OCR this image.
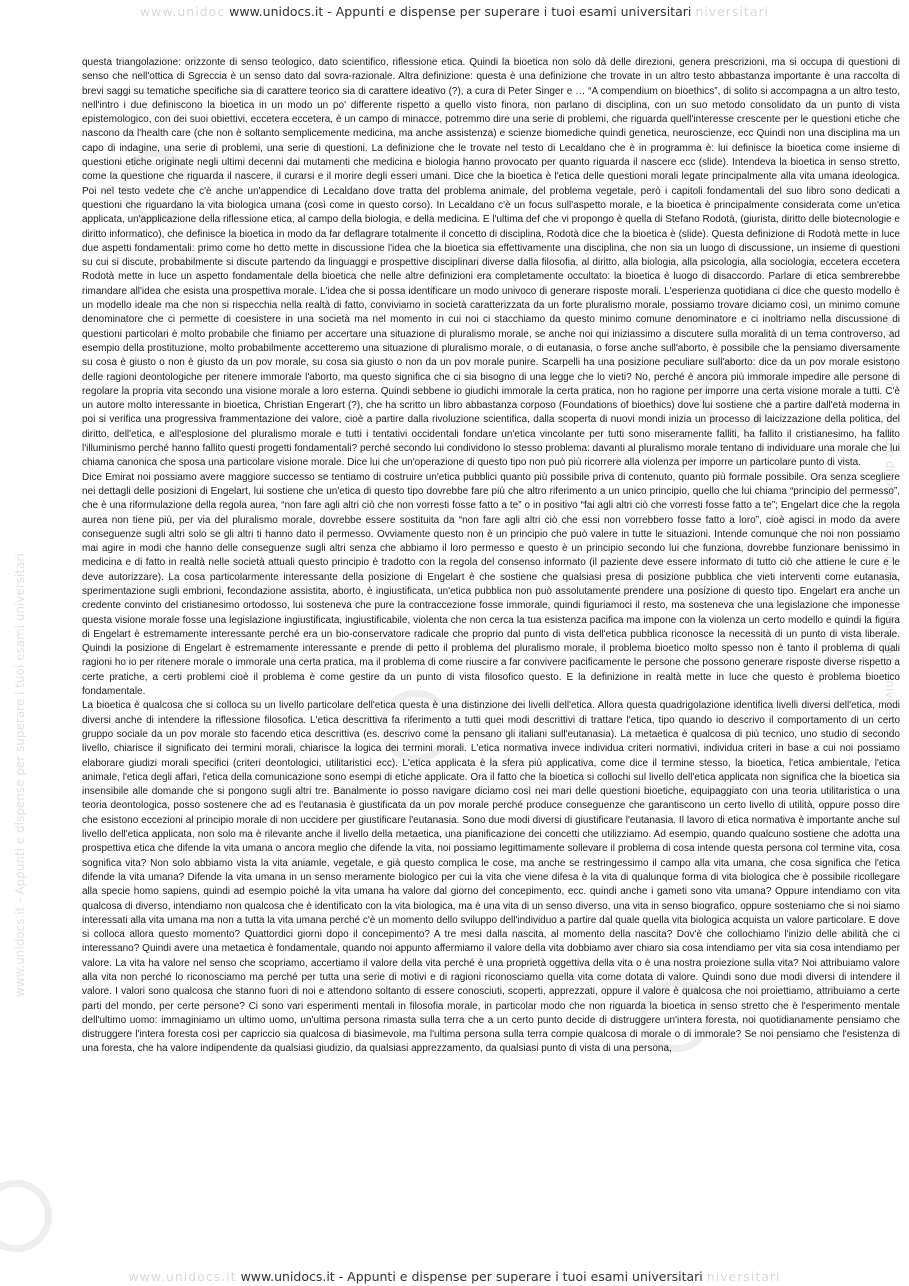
www.unidoc www.unidocs.it - Appunti e dispense per superare i tuoi esami universitari niversitari
www.unidocs.it - Appunti e dispense per superare i tuoi esami universitari
www.unidocs.it - Appunti e dispense per superare i tuoi esami universitari

questa triangolazione: orizzonte di senso teologico, dato scientifico, riflessione etica. Quindi la bioetica non solo dà delle direzioni, genera prescrizioni, ma si occupa di questioni di senso che nell'ottica di Sgreccia è un senso dato dal sovra-razionale. Altra definizione: questa è una definizione che trovate in un altro testo abbastanza importante è una raccolta di brevi saggi su tematiche specifiche sia di carattere teorico sia di carattere ideativo (?), a cura di Peter Singer e … “A compendium on bioethics”, di solito si accompagna a un altro testo, nell'intro i due definiscono la bioetica in un modo un po' differente rispetto a quello visto finora, non parlano di disciplina, con un suo metodo consolidato da un punto di vista epistemologico, con dei suoi obiettivi, eccetera eccetera, è un campo di minacce, potremmo dire una serie di problemi, che riguarda quell'interesse crescente per le questioni etiche che nascono da l'health care (che non è soltanto semplicemente medicina, ma anche assistenza) e scienze biomediche quindi genetica, neuroscienze, ecc Quindi non una disciplina ma un capo di indagine, una serie di problemi, una serie di questioni. La definizione che le trovate nel testo di Lecaldano che è in programma è: lui definisce la bioetica come insieme di questioni etiche originate negli ultimi decenni dai mutamenti che medicina e biologia hanno provocato per quanto riguarda il nascere ecc (slide). Intendeva la bioetica in senso stretto, come la questione che riguarda il nascere, il curarsi e il morire degli esseri umani. Dice che la bioetica è l'etica delle questioni morali legate principalmente alla vita umana ideologica. Poi nel testo vedete che c'è anche un'appendice di Lecaldano dove tratta del problema animale, del problema vegetale, però i capitoli fondamentali del suo libro sono dedicati a questioni che riguardano la vita biologica umana (così come in questo corso). In Lecaldano c'è un focus sull'aspetto morale, e la bioetica è principalmente considerata come un'etica applicata, un'applicazione della riflessione etica, al campo della biologia, e della medicina. E l'ultima def che vi propongo è quella di Stefano Rodotà, (giurista, diritto delle biotecnologie e diritto informatico), che definisce la bioetica in modo da far deflagrare totalmente il concetto di disciplina, Rodotà dice che la bioetica è (slide). Questa definizione di Rodotà mette in luce due aspetti fondamentali: primo come ho detto mette in discussione l'idea che la bioetica sia effettivamente una disciplina, che non sia un luogo di discussione, un insieme di questioni su cui si discute, probabilmente si discute partendo da linguaggi e prospettive disciplinari diverse dalla filosofia, al diritto, alla biologia, alla psicologia, alla sociologia, eccetera eccetera Rodotà mette in luce un aspetto fondamentale della bioetica che nelle altre definizioni era completamente occultato: la bioetica è luogo di disaccordo. Parlare di etica sembrerebbe rimandare all'idea che esista una prospettiva morale. L'idea che si possa identificare un modo univoco di generare risposte morali. L'esperienza quotidiana ci dice che questo modello è un modello ideale ma che non si rispecchia nella realtà di fatto, conviviamo in società caratterizzata da un forte pluralismo morale, possiamo trovare diciamo così, un minimo comune denominatore che ci permette di coesistere in una società ma nel momento in cui noi ci stacchiamo da questo minimo comune denominatore e ci inoltriamo nella discussione di questioni particolari è molto probabile che finiamo per accertare una situazione di pluralismo morale, se anche noi qui iniziassimo a discutere sulla moralità di un tema controverso, ad esempio della prostituzione, molto probabilmente accetteremo una situazione di pluralismo morale, o di eutanasia, o forse anche sull'aborto, è possibile che la pensiamo diversamente su cosa è giusto o non è giusto da un pov morale, su cosa sia giusto o non da un pov morale punire. Scarpelli ha una posizione peculiare sull'aborto: dice da un pov morale esistono delle ragioni deontologiche per ritenere immorale l'aborto, ma questo significa che ci sia bisogno di una legge che lo vieti? No, perché è ancora più immorale impedire alle persone di regolare la propria vita secondo una visione morale a loro esterna. Quindi sebbene io giudichi immorale la certa pratica, non ho ragione per imporre una certa visione morale a tutti. C'è un autore molto interessante in bioetica, Christian Engerart (?), che ha scritto un libro abbastanza corposo (Foundations of bioethics) dove lui sostiene che a partire dall'età moderna in poi si verifica una progressiva frammentazione dei valore, cioè a partire dalla rivoluzione scientifica, dalla scoperta di nuovi mondi inizia un processo di laicizzazione della politica, del diritto, dell'etica, e all'esplosione del pluralismo morale e tutti i tentativi occidentali fondare un'etica vincolante per tutti sono miseramente falliti, ha fallito il cristianesimo, ha fallito l'illuminismo perché hanno fallito questi progetti fondamentali? perché secondo lui condividono lo stesso problema: davanti al pluralismo morale tentano di individuare una morale che lui chiama canonica che sposa una particolare visione morale. Dice lui che un'operazione di questo tipo non può più ricorrere alla violenza per imporre un particolare punto di vista.

Dice Emirat noi possiamo avere maggiore successo se tentiamo di costruire un'etica pubblici quanto più possibile priva di contenuto, quanto più formale possibile. Ora senza scegliere nei dettagli delle posizioni di Engelart, lui sostiene che un'etica di questo tipo dovrebbe fare più che altro riferimento a un unico principio, quello che lui chiama “principio del permesso”, che è una riformulazione della regola aurea, “non fare agli altri ciò che non vorresti fosse fatto a te” o in positivo “fai agli altri ciò che vorresti fosse fatto a te”; Engelart dice che la regola aurea non tiene più, per via del pluralismo morale, dovrebbe essere sostituita da “non fare agli altri ciò che essi non vorrebbero fosse fatto a loro”, cioè agisci in modo da avere conseguenze sugli altri solo se gli altri ti hanno dato il permesso. Ovviamente questo non è un principio che può valere in tutte le situazioni. Intende comunque che noi non possiamo mai agire in modi che hanno delle conseguenze sugli altri senza che abbiamo il loro permesso e questo è un principio secondo lui che funziona, dovrebbe funzionare benissimo in medicina e di fatto in realtà nelle società attuali questo principio è tradotto con la regola del consenso informato (il paziente deve essere informato di tutto ciò che attiene le cure e le deve autorizzare). La cosa particolarmente interessante della posizione di Engelart è che sostiene che qualsiasi presa di posizione pubblica che vieti interventi come eutanasia, sperimentazione sugli embrioni, fecondazione assistita, aborto, è ingiustificata, un'etica pubblica non può assolutamente prendere una posizione di questo tipo. Engelart era anche un credente convinto del cristianesimo ortodosso, lui sosteneva che pure la contraccezione fosse immorale, quindi figuriamoci il resto, ma sosteneva che una legislazione che imponesse questa visione morale fosse una legislazione ingiustificata, ingiustificabile, violenta che non cerca la tua esistenza pacifica ma impone con la violenza un certo modello e quindi la figura di Engelart è estremamente interessante perché era un bio-conservatore radicale che proprio dal punto di vista dell'etica pubblica riconosce la necessità di un punto di vista liberale. Quindi la posizione di Engelart è estremamente interessante e prende di petto il problema del pluralismo morale, il problema bioetico molto spesso non è tanto il problema di quali ragioni ho io per ritenere morale o immorale una certa pratica, ma il problema di come riuscire a far convivere pacificamente le persone che possono generare risposte diverse rispetto a certe pratiche, a certi problemi cioè il problema è come gestire da un punto di vista filosofico questo. E la definizione in realtà mette in luce che questo è problema bioetico fondamentale.

La bioetica è qualcosa che si colloca su un livello particolare dell'etica questa è una distinzione dei livelli dell'etica. Allora questa quadrigolazione identifica livelli diversi dell'etica, modi diversi anche di intendere la riflessione filosofica. L'etica descrittiva fa riferimento a tutti quei modi descrittivi di trattare l'etica, tipo quando io descrivo il comportamento di un certo gruppo sociale da un pov morale sto facendo etica descrittiva (es. descrivo come la pensano gli italiani sull'eutanasia). La metaetica è qualcosa di più tecnico, uno studio di secondo livello, chiarisce il significato dei termini morali, chiarisce la logica dei termini morali. L'etica normativa invece individua criteri normativi, individua criteri in base a cui noi possiamo elaborare giudizi morali specifici (criteri deontologici, utilitaristici ecc). L'etica applicata è la sfera più applicativa, come dice il termine stesso, la bioetica, l'etica ambientale, l'etica animale, l'etica degli affari, l'etica della comunicazione sono esempi di etiche applicate. Ora il fatto che la bioetica si collochi sul livello dell'etica applicata non significa che la bioetica sia insensibile alle domande che si pongono sugli altri tre. Banalmente io posso navigare diciamo così nei mari delle questioni bioetiche, equipaggiato con una teoria utilitaristica o una teoria deontologica, posso sostenere che ad es l'eutanasia è giustificata da un pov morale perché produce conseguenze che garantiscono un certo livello di utilità, oppure posso dire che esistono eccezioni al principio morale di non uccidere per giustificare l'eutanasia. Sono due modi diversi di giustificare l'eutanasia. Il lavoro di etica normativa è importante anche sul livello dell'etica applicata, non solo ma è rilevante anche il livello della metaetica, una pianificazione dei concetti che utilizziamo. Ad esempio, quando qualcuno sostiene che adotta una prospettiva etica che difende la vita umana o ancora meglio che difende la vita, noi possiamo legittimamente sollevare il problema di cosa intende questa persona col termine vita, cosa sognifica vita? Non solo abbiamo vista la vita aniamle, vegetale, e già questo complica le cose, ma anche se restringessimo il campo alla vita umana, che cosa significa che l'etica difende la vita umana? Difende la vita umana in un senso meramente biologico per cui la vita che viene difesa è la vita di qualunque forma di vita biologica che è possibile ricollegare alla specie homo sapiens, quindi ad esempio poiché la vita umana ha valore dal giorno del concepimento, ecc. quindi anche i gameti sono vita umana? Oppure intendiamo con vita qualcosa di diverso, intendiamo non qualcosa che è identificato con la vita biologica, ma è una vita di un senso diverso, una vita in senso biografico, oppure sosteniamo che si noi siamo interessati alla vita umana ma non a tutta la vita umana perché c'è un momento dello sviluppo dell'individuo a partire dal quale quella vita biologica acquista un valore particolare. E dove si colloca allora questo momento? Quattordici giorni dopo il concepimento? A tre mesi dalla nascita, al momento della nascita? Dov'è che collochiamo l'inizio delle abilità che ci interessano? Quindi avere una metaetica è fondamentale, quando noi appunto affermiamo il valore della vita dobbiamo aver chiaro sia cosa intendiamo per vita sia cosa intendiamo per valore. La vita ha valore nel senso che scopriamo, accertiamo il valore della vita perché è una proprietà oggettiva della vita o è una nostra proiezione sulla vita? Noi attribuiamo valore alla vita non perché lo riconosciamo ma perché per tutta una serie di motivi e di ragioni riconosciamo quella vita come dotata di valore. Quindi sono due modi diversi di intendere il valore. I valori sono qualcosa che stanno fuori di noi e attendono soltanto di essere conosciuti, scoperti, apprezzati, oppure il valore è qualcosa che noi proiettiamo, attribuiamo a certe parti del mondo, per certe persone? Ci sono vari esperimenti mentali in filosofia morale, in particolar modo che non riguarda la bioetica in senso stretto che è l'esperimento mentale dell'ultimo uomo: immaginiamo un ultimo uomo, un'ultima persona rimasta sulla terra che a un certo punto decide di distruggere un'intera foresta, noi quotidianamente pensiamo che distruggere l'intera foresta così per capriccio sia qualcosa di biasimevole, ma l'ultima persona sulla terra compie qualcosa di morale o di immorale? Se noi pensiamo che l'esistenza di una foresta, che ha valore indipendente da qualsiasi giudizio, da qualsiasi apprezzamento, da qualsiasi punto di vista di una persona,

www.unidocs.it www.unidocs.it - Appunti e dispense per superare i tuoi esami universitari niversitari
